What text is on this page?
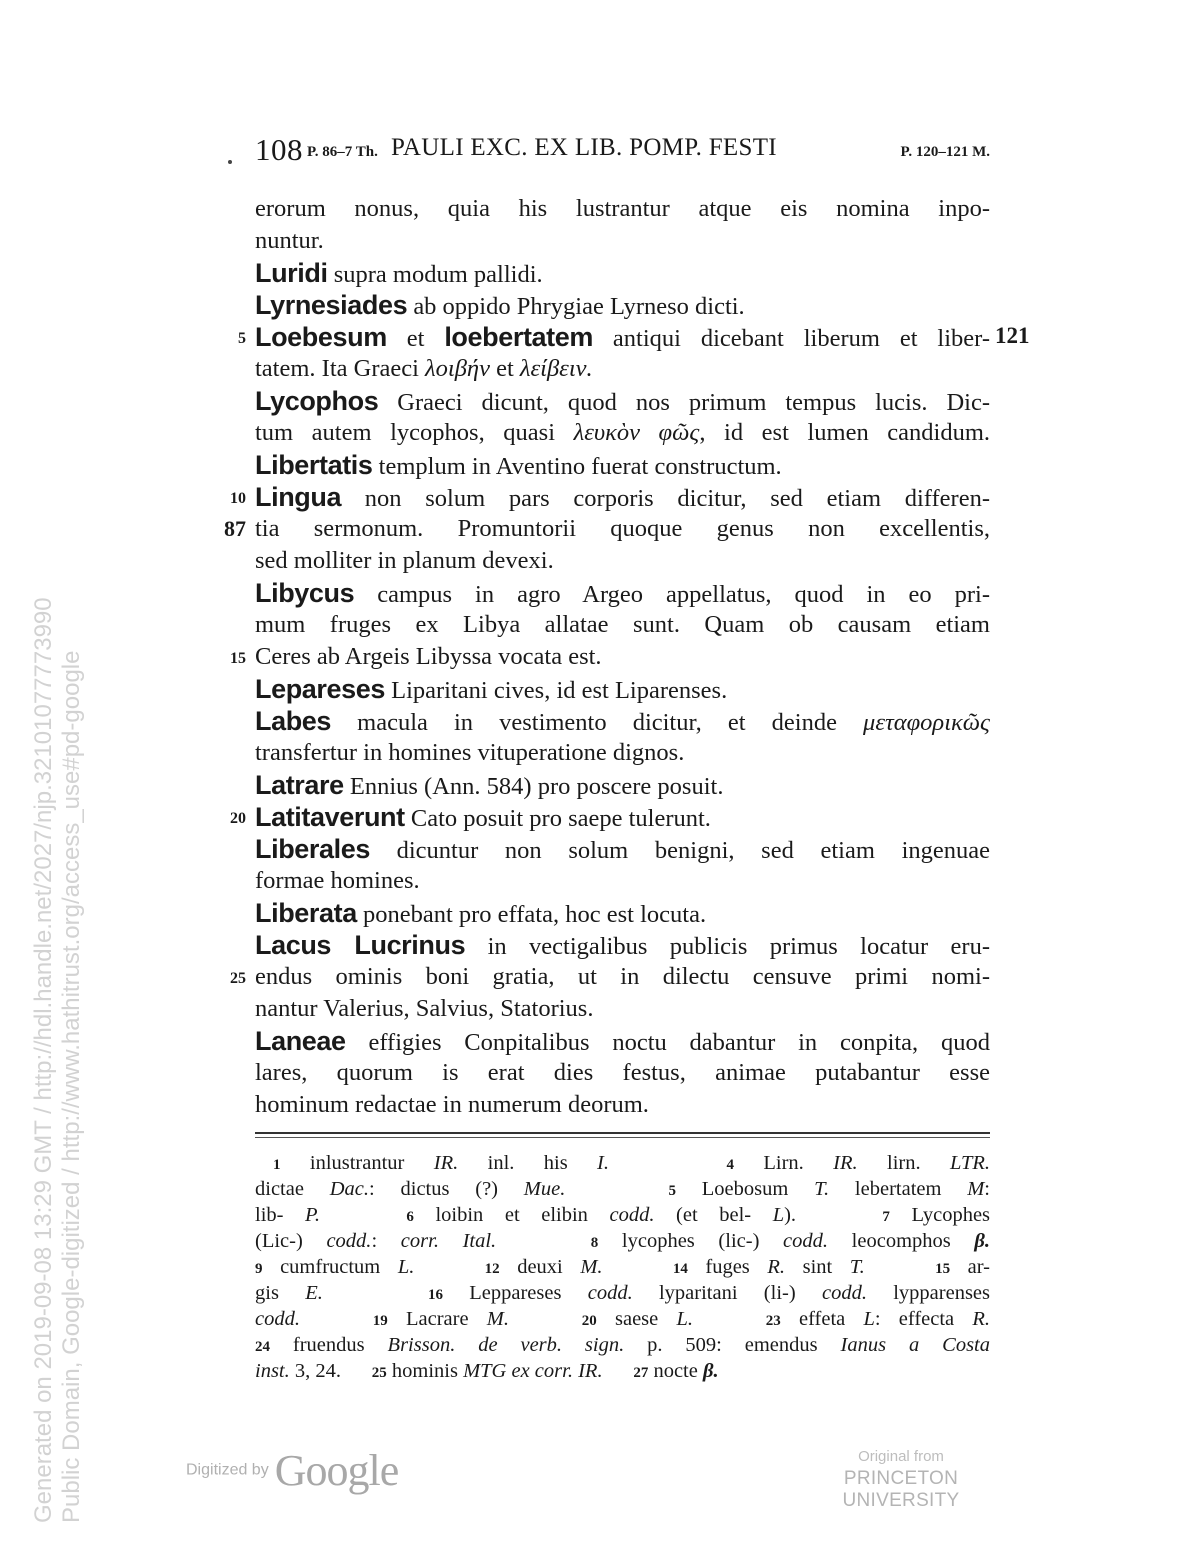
108 P. 86–7 Th. PAULI EXC. EX LIB. POMP. FESTI	P. 120–121 M.
erorum nonus, quia his lustrantur atque eis nomina inpo-
nuntur.
Luridi supra modum pallidi.
Lyrnesiades ab oppido Phrygiae Lyrneso dicti.
5 Loebesum et loebertatem antiqui dicebant liberum et liber- 121
tatem. Ita Graeci λοιβήν et λείβειν.
Lycophos Graeci dicunt, quod nos primum tempus lucis. Dic-
tum autem lycophos, quasi λευκὸν φῶς, id est lumen candidum.
Libertatis templum in Aventino fuerat constructum.
10 Lingua non solum pars corporis dicitur, sed etiam differen-
87 tia sermonum. Promuntorii quoque genus non excellentis,
sed molliter in planum devexi.
Libycus campus in agro Argeo appellatus, quod in eo pri-
mum fruges ex Libya allatae sunt. Quam ob causam etiam
15 Ceres ab Argeis Libyssa vocata est.
Lepareses Liparitani cives, id est Liparenses.
Labes macula in vestimento dicitur, et deinde μεταφορικῶς
transfertur in homines vituperatione dignos.
Latrare Ennius (Ann. 584) pro poscere posuit.
20 Latitaverunt Cato posuit pro saepe tulerunt.
Liberales dicuntur non solum benigni, sed etiam ingenuae
formae homines.
Liberata ponebant pro effata, hoc est locuta.
Lacus Lucrinus in vectigalibus publicis primus locatur eru-
25 endus ominis boni gratia, ut in dilectu censuve primi nomi-
nantur Valerius, Salvius, Statorius.
Laneae effigies Conpitalibus noctu dabantur in conpita, quod
lares, quorum is erat dies festus, animae putabantur esse
hominum redactae in numerum deorum.
1 inlustrantur IR. inl. his I.	4 Lirn. IR. lirn. LTR.
dictae Dac.: dictus (?) Mue.	5 Loebosum T. lebertatem M:
lib- P.	6 loibin et elibin codd. (et bel- L).	7 Lycophes
(Lic-) codd.: corr. Ital.	8 lycophes (lic-) codd. leocomphos β.
9 cumfructum L.	12 deuxi M.	14 fuges R. sint T.	15 ar-
gis E.	16 Leppareses codd. lyparitani (li-) codd. lypparenses
codd.	19 Lacrare M.	20 saese L.	23 effeta L: effecta R.
24 fruendus Brisson. de verb. sign. p. 509: emendus Ianus a Costa
inst. 3, 24. 25 hominis MTG ex corr. IR. 27 nocte β.
Generated on 2019-09-08 13:29 GMT / http://hdl.handle.net/2027/njp.32101077773990 Public Domain, Google-digitized / http://www.hathitrust.org/access_use#pd-google	Digitized by Google	Original from
PRINCETON UNIVERSITY
